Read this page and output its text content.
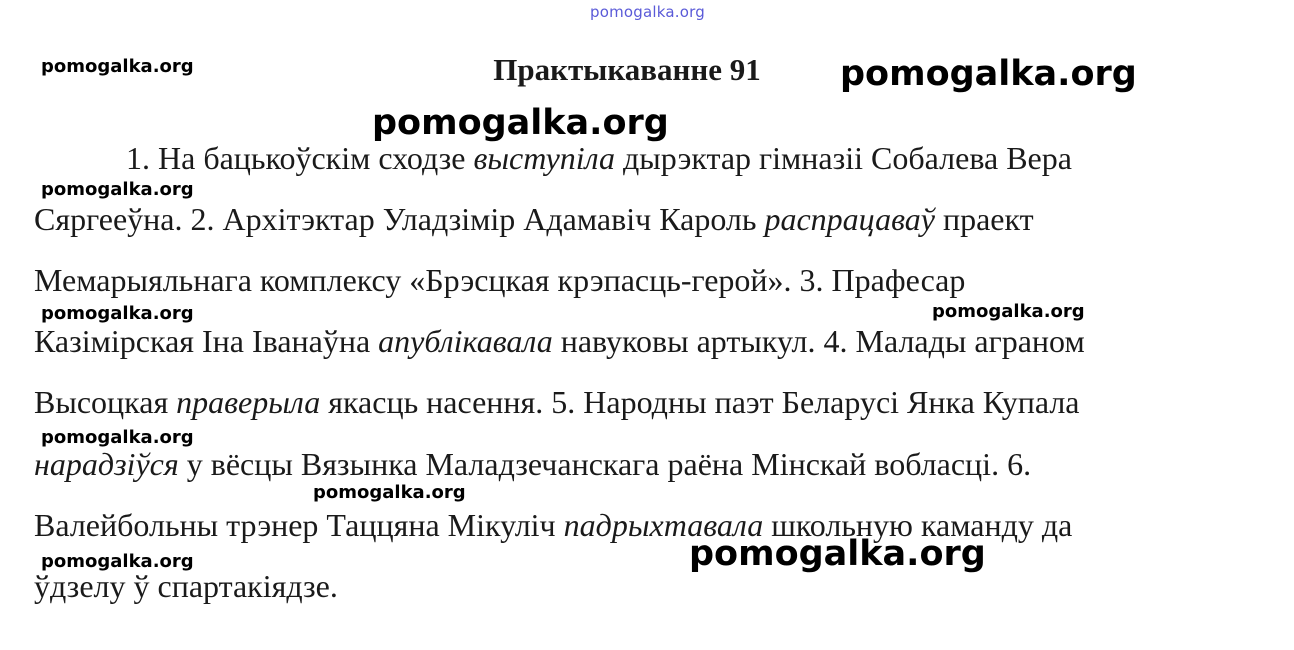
pomogalka.org
Практыкаванне 91
1. На бацькоўскім сходзе выступіла дырэктар гімназіі Собалева Вера
Сяргееўна. 2. Архітэктар Уладзімір Адамавіч Кароль распрацаваў праект
Мемарыяльнага комплексу «Брэсцкая крэпасць-герой». 3. Прафесар
Казімірская Іна Іванаўна апублікавала навуковы артыкул. 4. Малады аграном
Высоцкая праверыла якасць насення. 5. Народны паэт Беларусі Янка Купала
нарадзіўся у вёсцы Вязынка Маладзечанскага раёна Мінскай вобласці. 6.
Валейбольны трэнер Таццяна Мікуліч падрыхтавала школьную каманду да
ўдзелу ў спартакіядзе.
pomogalka.org	pomogalka.org
pomogalka.org
pomogalka.org
pomogalka.org	pomogalka.org
pomogalka.org
pomogalka.org
pomogalka.org
pomogalka.org
